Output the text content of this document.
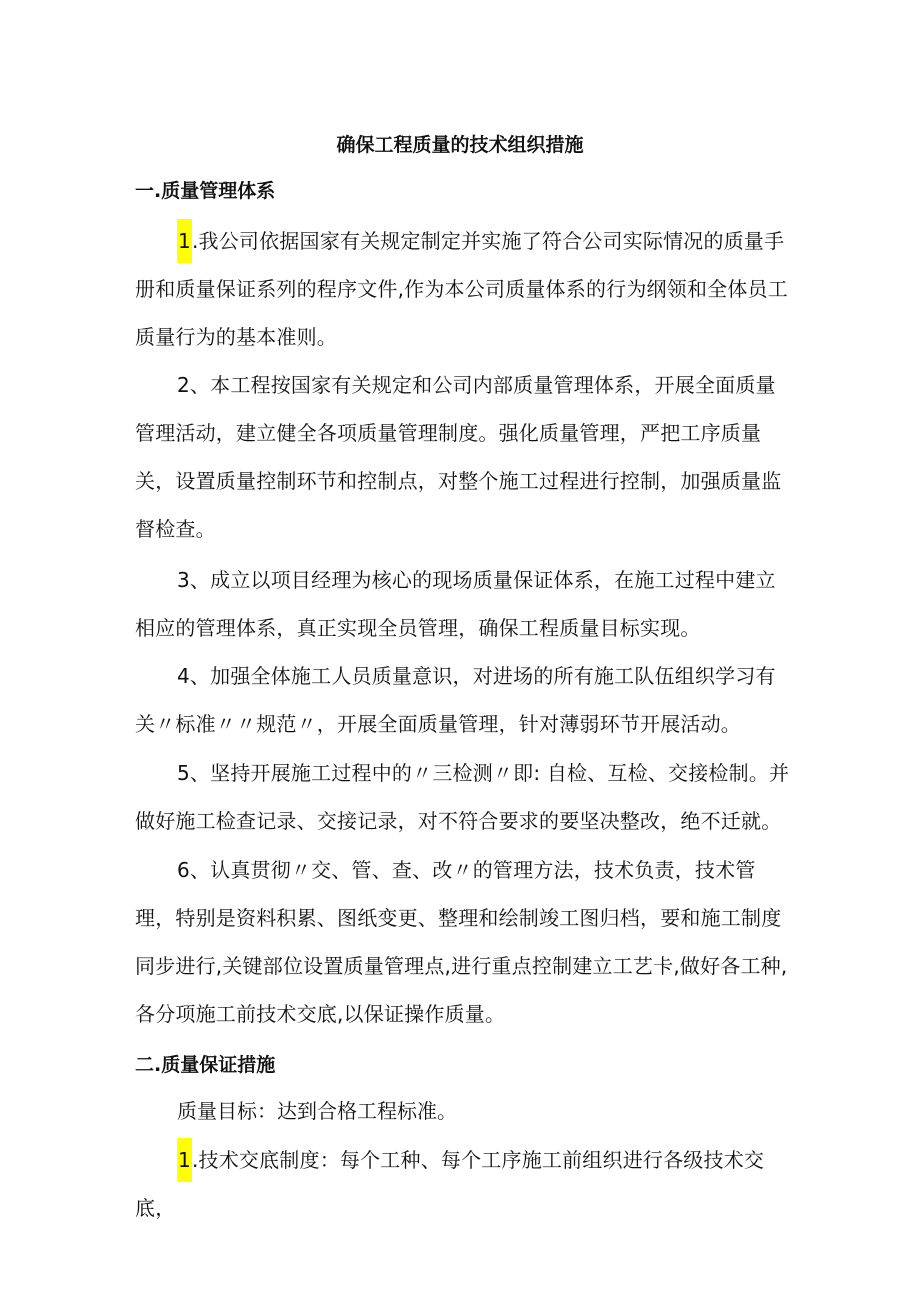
确保工程质量的技术组织措施
一.质量管理体系

1.我公司依据国家有关规定制定并实施了符合公司实际情况的质量手册和质量保证系列的程序文件,作为本公司质量体系的行为纲领和全体员工质量行为的基本准则。

2、本工程按国家有关规定和公司内部质量管理体系，开展全面质量管理活动，建立健全各项质量管理制度。强化质量管理，严把工序质量关，设置质量控制环节和控制点，对整个施工过程进行控制，加强质量监督检查。

3、成立以项目经理为核心的现场质量保证体系，在施工过程中建立相应的管理体系，真正实现全员管理，确保工程质量目标实现。

4、加强全体施工人员质量意识，对进场的所有施工队伍组织学习有关〃标准〃〃规范〃，开展全面质量管理，针对薄弱环节开展活动。

5、坚持开展施工过程中的〃三检测〃即: 自检、互检、交接检制。并做好施工检查记录、交接记录，对不符合要求的要坚决整改，绝不迁就。

6、认真贯彻〃交、管、查、改〃的管理方法，技术负责，技术管理，特别是资料积累、图纸变更、整理和绘制竣工图归档，要和施工制度同步进行,关键部位设置质量管理点,进行重点控制建立工艺卡,做好各工种,各分项施工前技术交底,以保证操作质量。

二.质量保证措施
质量目标：达到合格工程标准。

1.技术交底制度：每个工种、每个工序施工前组织进行各级技术交底，
